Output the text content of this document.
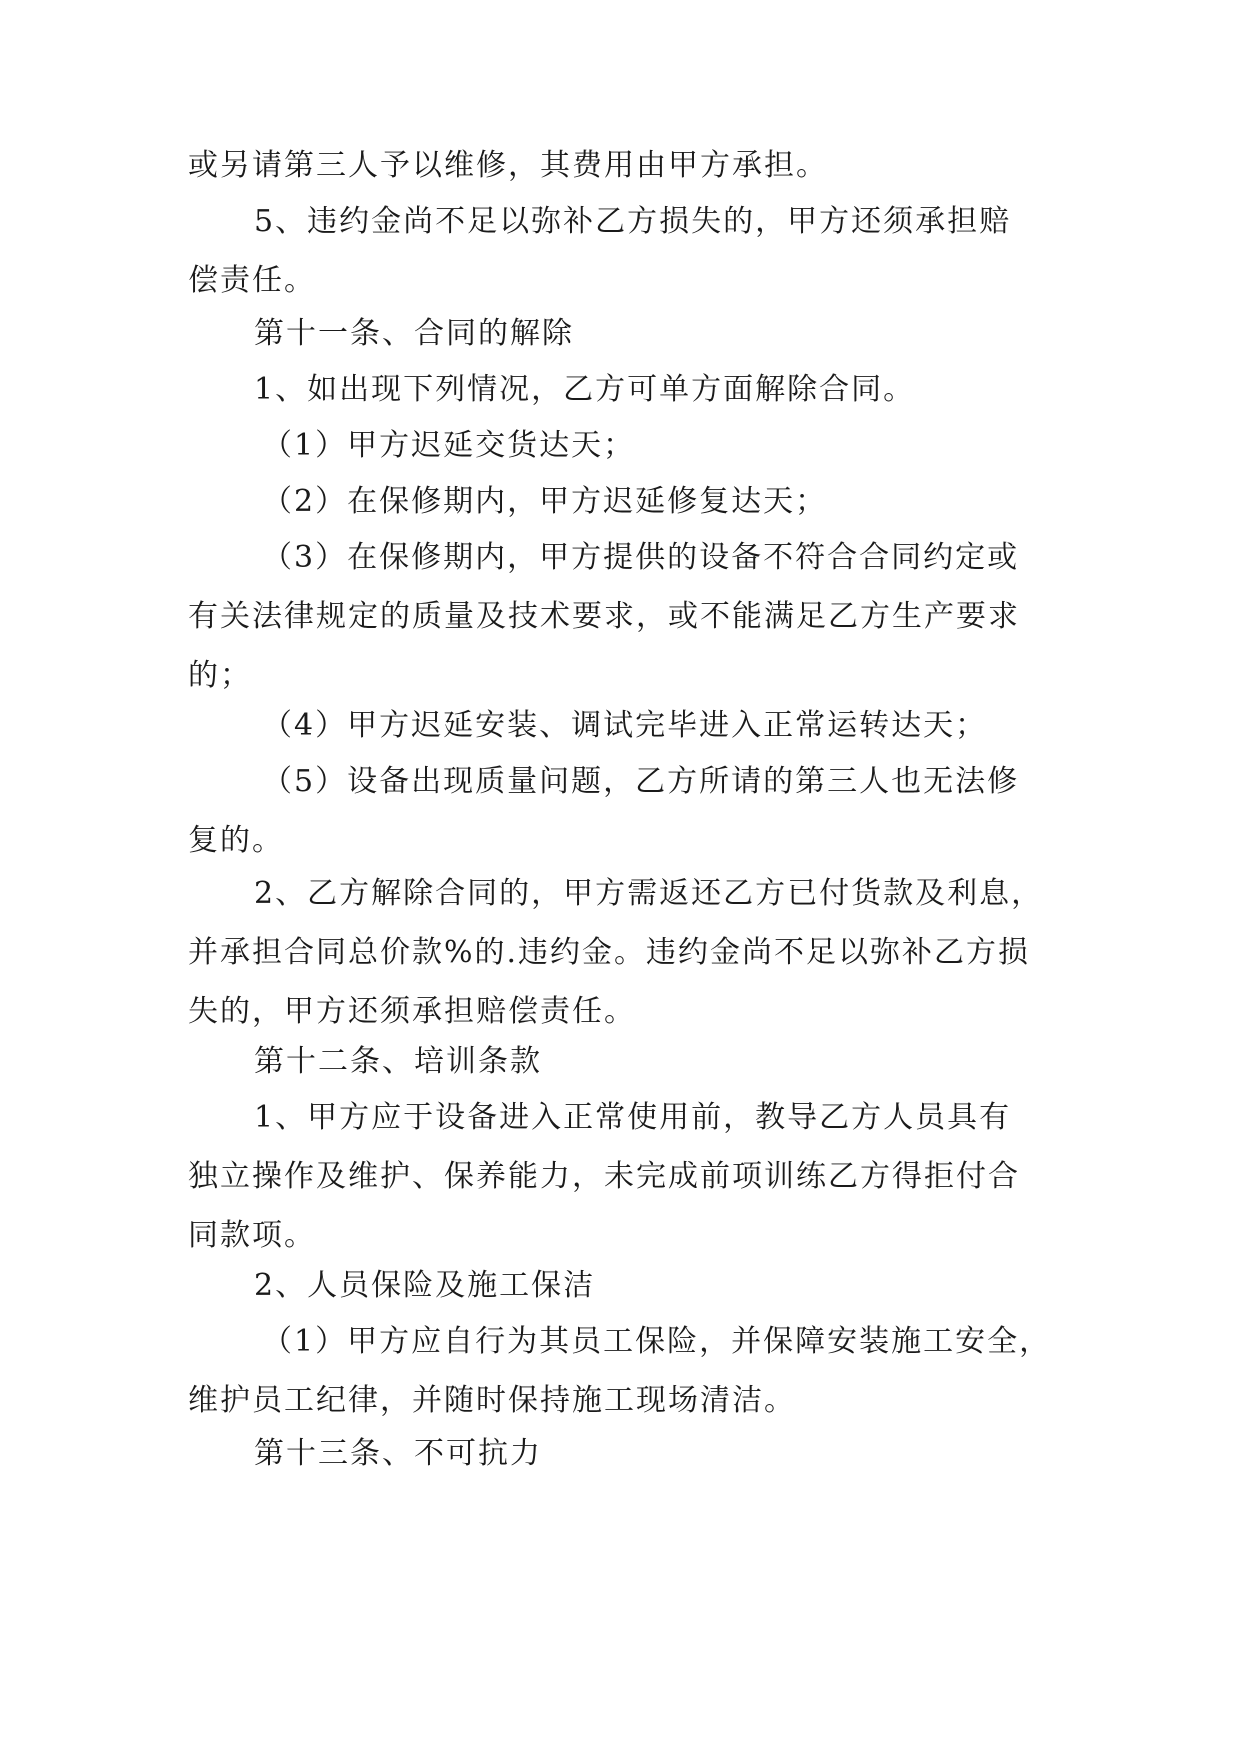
或另请第三人予以维修，其费用由甲方承担。

5、违约金尚不足以弥补乙方损失的，甲方还须承担赔
偿责任。

第十一条、合同的解除

1、如出现下列情况，乙方可单方面解除合同。

（1）甲方迟延交货达天；

（2）在保修期内，甲方迟延修复达天；

（3）在保修期内，甲方提供的设备不符合合同约定或
有关法律规定的质量及技术要求，或不能满足乙方生产要求
的；

（4）甲方迟延安装、调试完毕进入正常运转达天；

（5）设备出现质量问题，乙方所请的第三人也无法修
复的。

2、乙方解除合同的，甲方需返还乙方已付货款及利息，
并承担合同总价款%的.违约金。违约金尚不足以弥补乙方损
失的，甲方还须承担赔偿责任。

第十二条、培训条款

1、甲方应于设备进入正常使用前，教导乙方人员具有
独立操作及维护、保养能力，未完成前项训练乙方得拒付合
同款项。

2、人员保险及施工保洁

（1）甲方应自行为其员工保险，并保障安装施工安全，
维护员工纪律，并随时保持施工现场清洁。

第十三条、不可抗力
